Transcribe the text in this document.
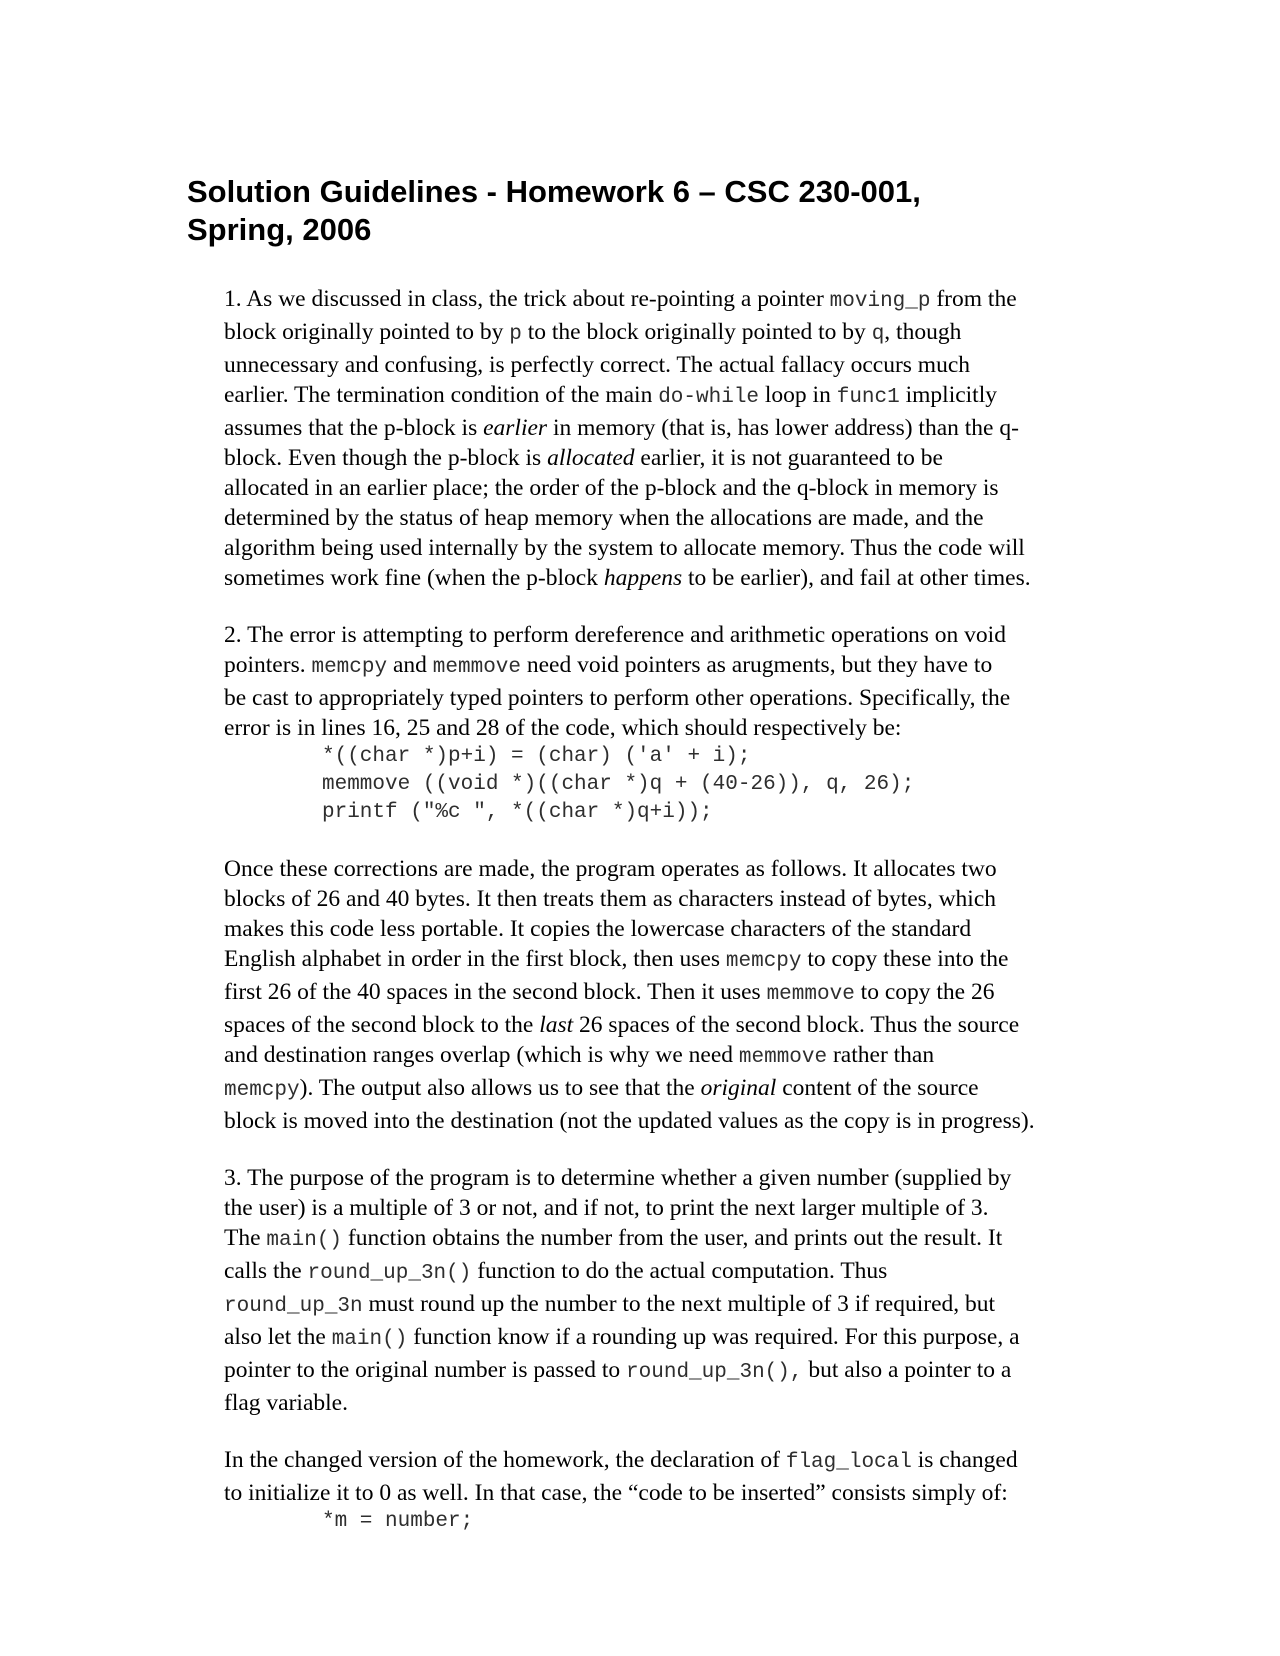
Solution Guidelines - Homework 6 – CSC 230-001,
Spring, 2006

1. As we discussed in class, the trick about re-pointing a pointer moving_p from the

block originally pointed to by p to the block originally pointed to by q, though

unnecessary and confusing, is perfectly correct. The actual fallacy occurs much

earlier. The termination condition of the main do-while loop in func1 implicitly

assumes that the p-block is earlier in memory (that is, has lower address) than the q-

block. Even though the p-block is allocated earlier, it is not guaranteed to be

allocated in an earlier place; the order of the p-block and the q-block in memory is

determined by the status of heap memory when the allocations are made, and the

algorithm being used internally by the system to allocate memory. Thus the code will

sometimes work fine (when the p-block happens to be earlier), and fail at other times.

2. The error is attempting to perform dereference and arithmetic operations on void

pointers. memcpy and memmove need void pointers as arugments, but they have to

be cast to appropriately typed pointers to perform other operations. Specifically, the

error is in lines 16, 25 and 28 of the code, which should respectively be:

*((char *)p+i) = (char) ('a' + i);

memmove ((void *)((char *)q + (40-26)), q, 26);

printf ("%c ", *((char *)q+i));

Once these corrections are made, the program operates as follows. It allocates two

blocks of 26 and 40 bytes. It then treats them as characters instead of bytes, which

makes this code less portable. It copies the lowercase characters of the standard

English alphabet in order in the first block, then uses memcpy to copy these into the

first 26 of the 40 spaces in the second block. Then it uses memmove to copy the 26

spaces of the second block to the last 26 spaces of the second block. Thus the source

and destination ranges overlap (which is why we need memmove rather than

memcpy). The output also allows us to see that the original content of the source

block is moved into the destination (not the updated values as the copy is in progress).

3. The purpose of the program is to determine whether a given number (supplied by

the user) is a multiple of 3 or not, and if not, to print the next larger multiple of 3.

The main() function obtains the number from the user, and prints out the result. It

calls the round_up_3n() function to do the actual computation. Thus

round_up_3n must round up the number to the next multiple of 3 if required, but

also let the main() function know if a rounding up was required. For this purpose, a

pointer to the original number is passed to round_up_3n(), but also a pointer to a

flag variable.

In the changed version of the homework, the declaration of flag_local is changed

to initialize it to 0 as well. In that case, the “code to be inserted” consists simply of:

*m = number;
